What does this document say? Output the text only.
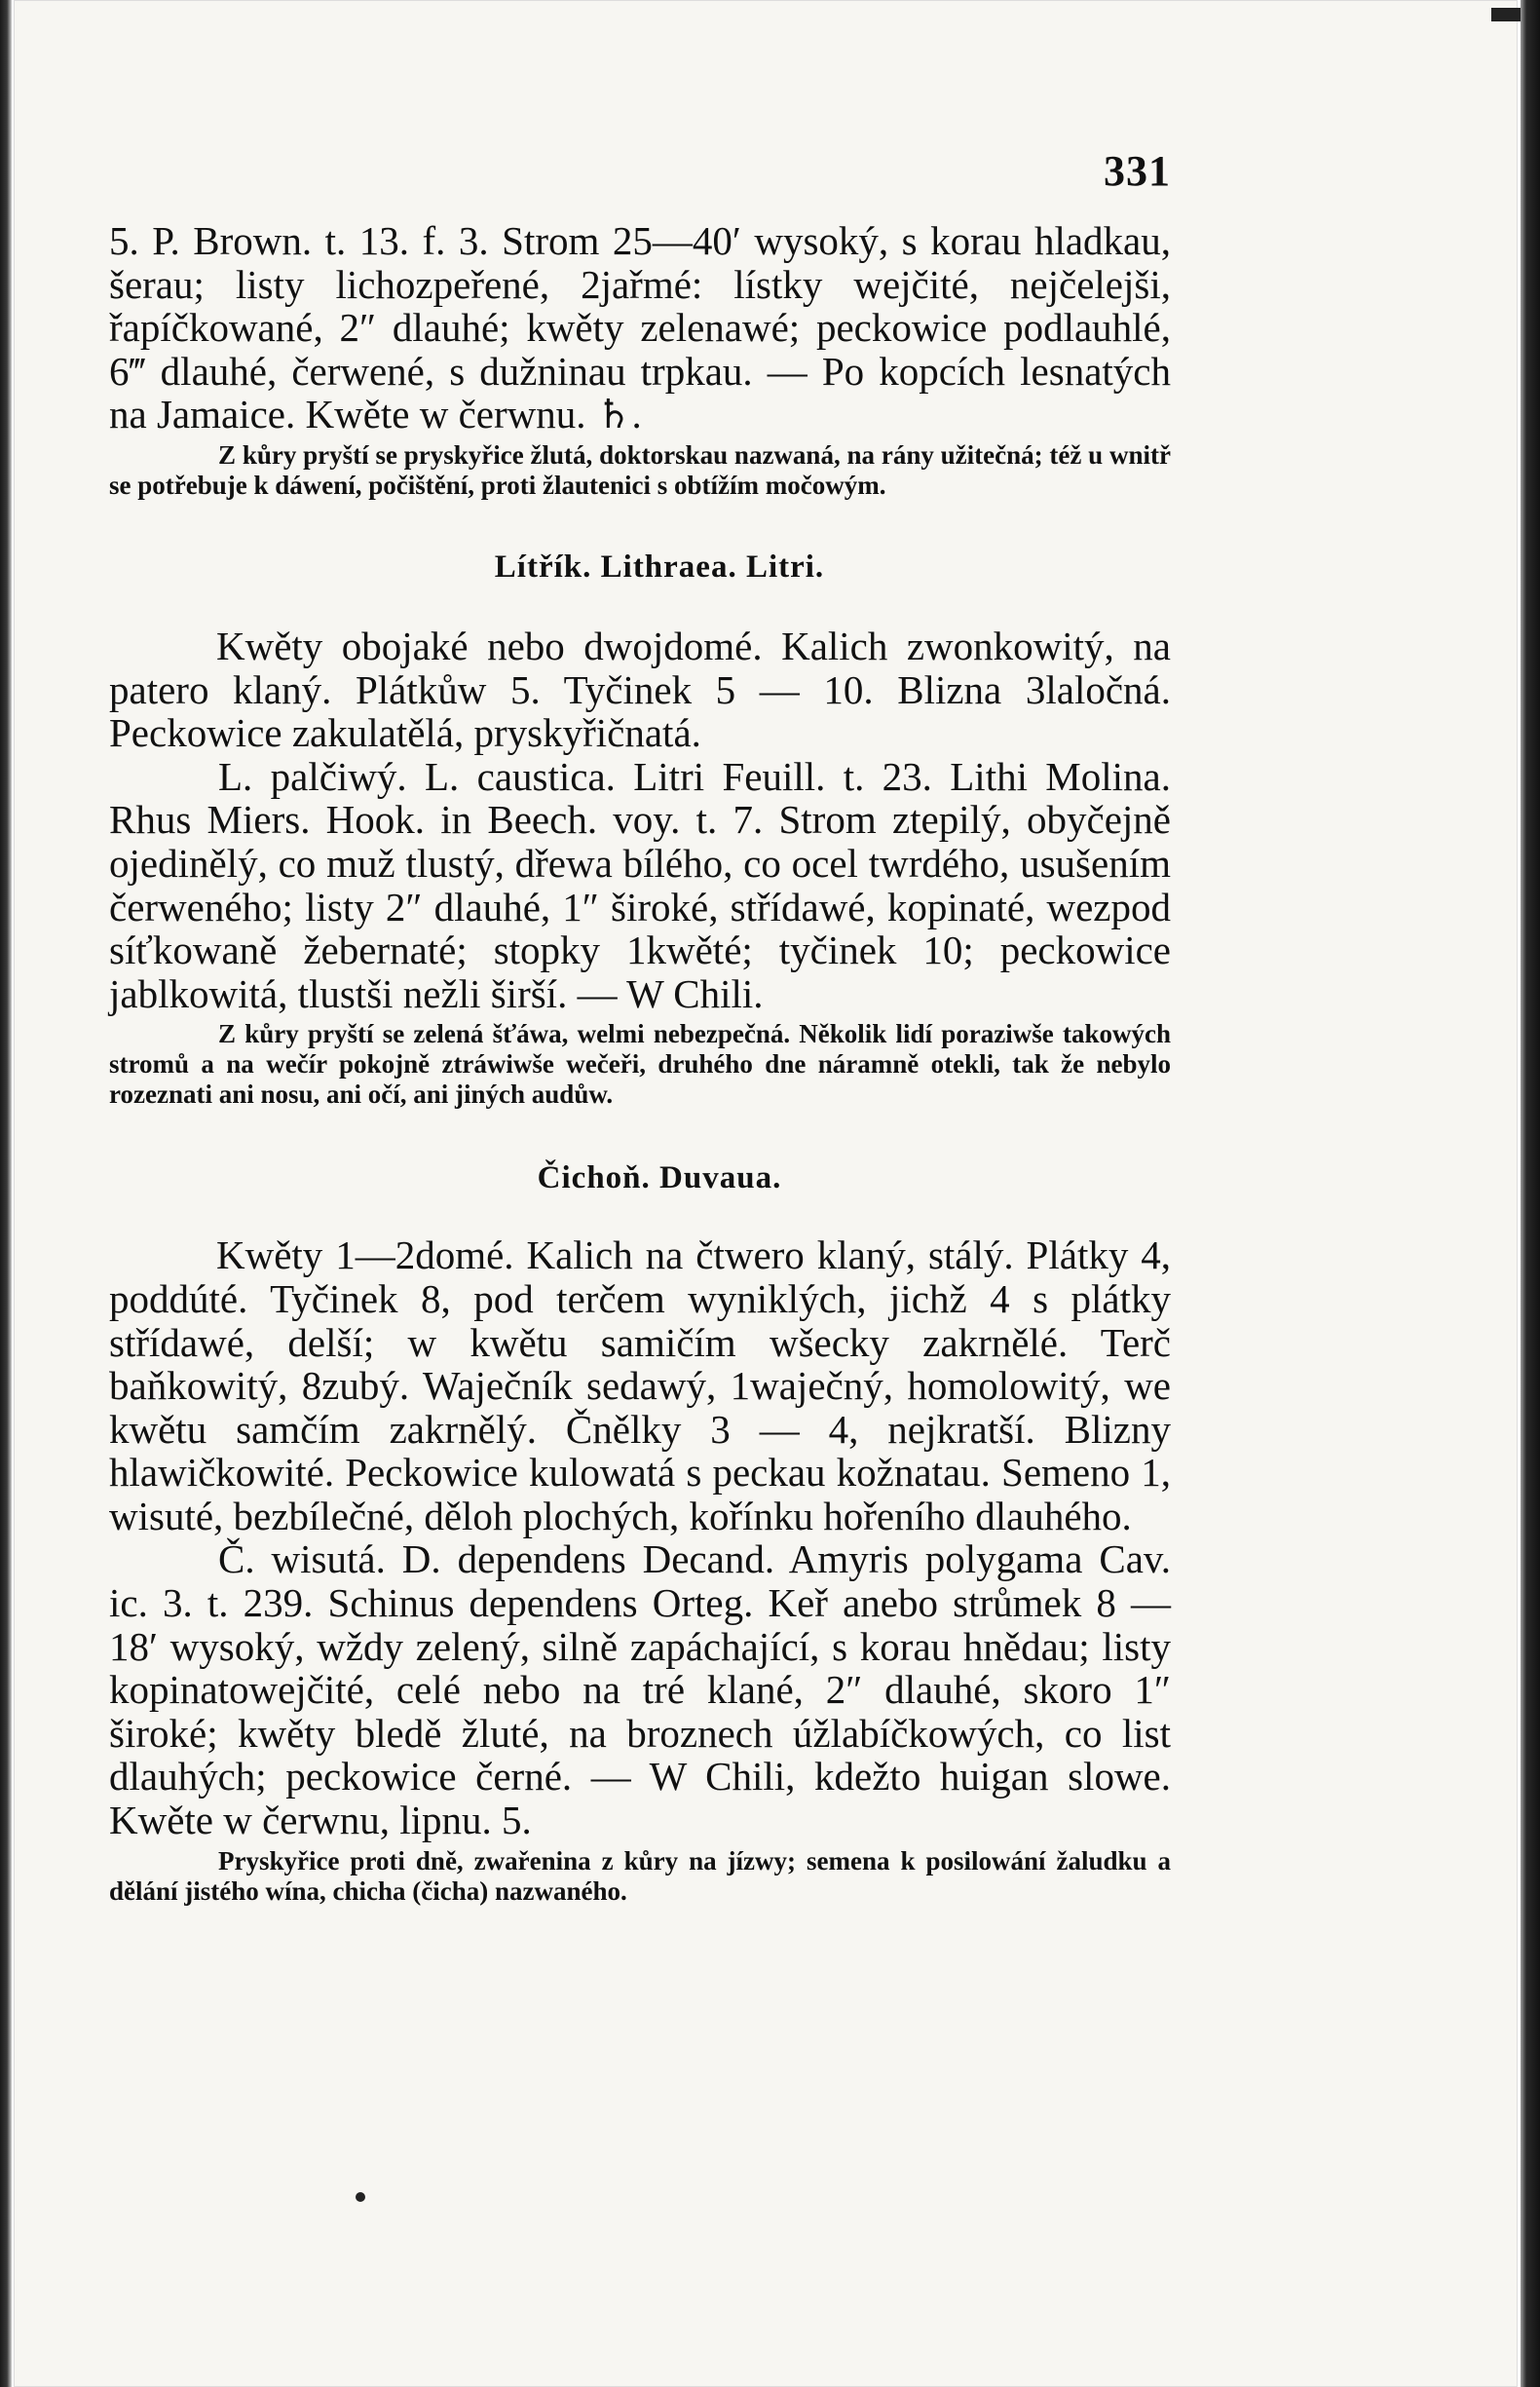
331

5. P. Brown. t. 13. f. 3. Strom 25—40′ wysoký, s korau hladkau, šerau; listy lichozpeřené, 2jařmé: lístky wejčité, nejčelejši, řapíčkowané, 2″ dlauhé; kwěty zelenawé; peckowice podlauhlé, 6‴ dlauhé, čerwené, s dužninau trpkau. — Po kopcích lesnatých na Jamaice. Kwěte w čerwnu. ♄.

Z kůry pryští se pryskyřice žlutá, doktorskau nazwaná, na rány užitečná; též u wnitř se potřebuje k dáwení, počištění, proti žlautenici s obtížím močowým.

Lítřík. Lithraea. Litri.

Kwěty obojaké nebo dwojdomé. Kalich zwonkowitý, na patero klaný. Plátkůw 5. Tyčinek 5 — 10. Blizna 3laločná. Peckowice zakulatělá, pryskyřičnatá.

L. palčiwý. L. caustica. Litri Feuill. t. 23. Lithi Molina. Rhus Miers. Hook. in Beech. voy. t. 7. Strom ztepilý, obyčejně ojedinělý, co muž tlustý, dřewa bílého, co ocel twrdého, usušením čerweného; listy 2″ dlauhé, 1″ široké, střídawé, kopinaté, wezpod síťkowaně žebernaté; stopky 1kwěté; tyčinek 10; peckowice jablkowitá, tlustši nežli širší. — W Chili.

Z kůry pryští se zelená šťáwa, welmi nebezpečná. Několik lidí poraziwše takowých stromů a na wečír pokojně ztráwiwše wečeři, druhého dne náramně otekli, tak že nebylo rozeznati ani nosu, ani očí, ani jiných audůw.

Čichoň. Duvaua.

Kwěty 1—2domé. Kalich na čtwero klaný, stálý. Plátky 4, poddúté. Tyčinek 8, pod terčem wyniklých, jichž 4 s plátky střídawé, delší; w kwětu samičím wšecky zakrnělé. Terč baňkowitý, 8zubý. Waječník sedawý, 1waječný, homolowitý, we kwětu samčím zakrnělý. Čnělky 3 — 4, nejkratší. Blizny hlawičkowité. Peckowice kulowatá s peckau kožnatau. Semeno 1, wisuté, bezbílečné, děloh plochých, kořínku hořeního dlauhého.

Č. wisutá. D. dependens Decand. Amyris polygama Cav. ic. 3. t. 239. Schinus dependens Orteg. Keř anebo strůmek 8 — 18′ wysoký, wždy zelený, silně zapáchající, s korau hnědau; listy kopinatowejčité, celé nebo na tré klané, 2″ dlauhé, skoro 1″ široké; kwěty bledě žluté, na broznech úžlabíčkowých, co list dlauhých; peckowice černé. — W Chili, kdežto huigan slowe. Kwěte w čerwnu, lipnu. 5.

Pryskyřice proti dně, zwařenina z kůry na jízwy; semena k posilowání žaludku a dělání jistého wína, chicha (čicha) nazwaného.
